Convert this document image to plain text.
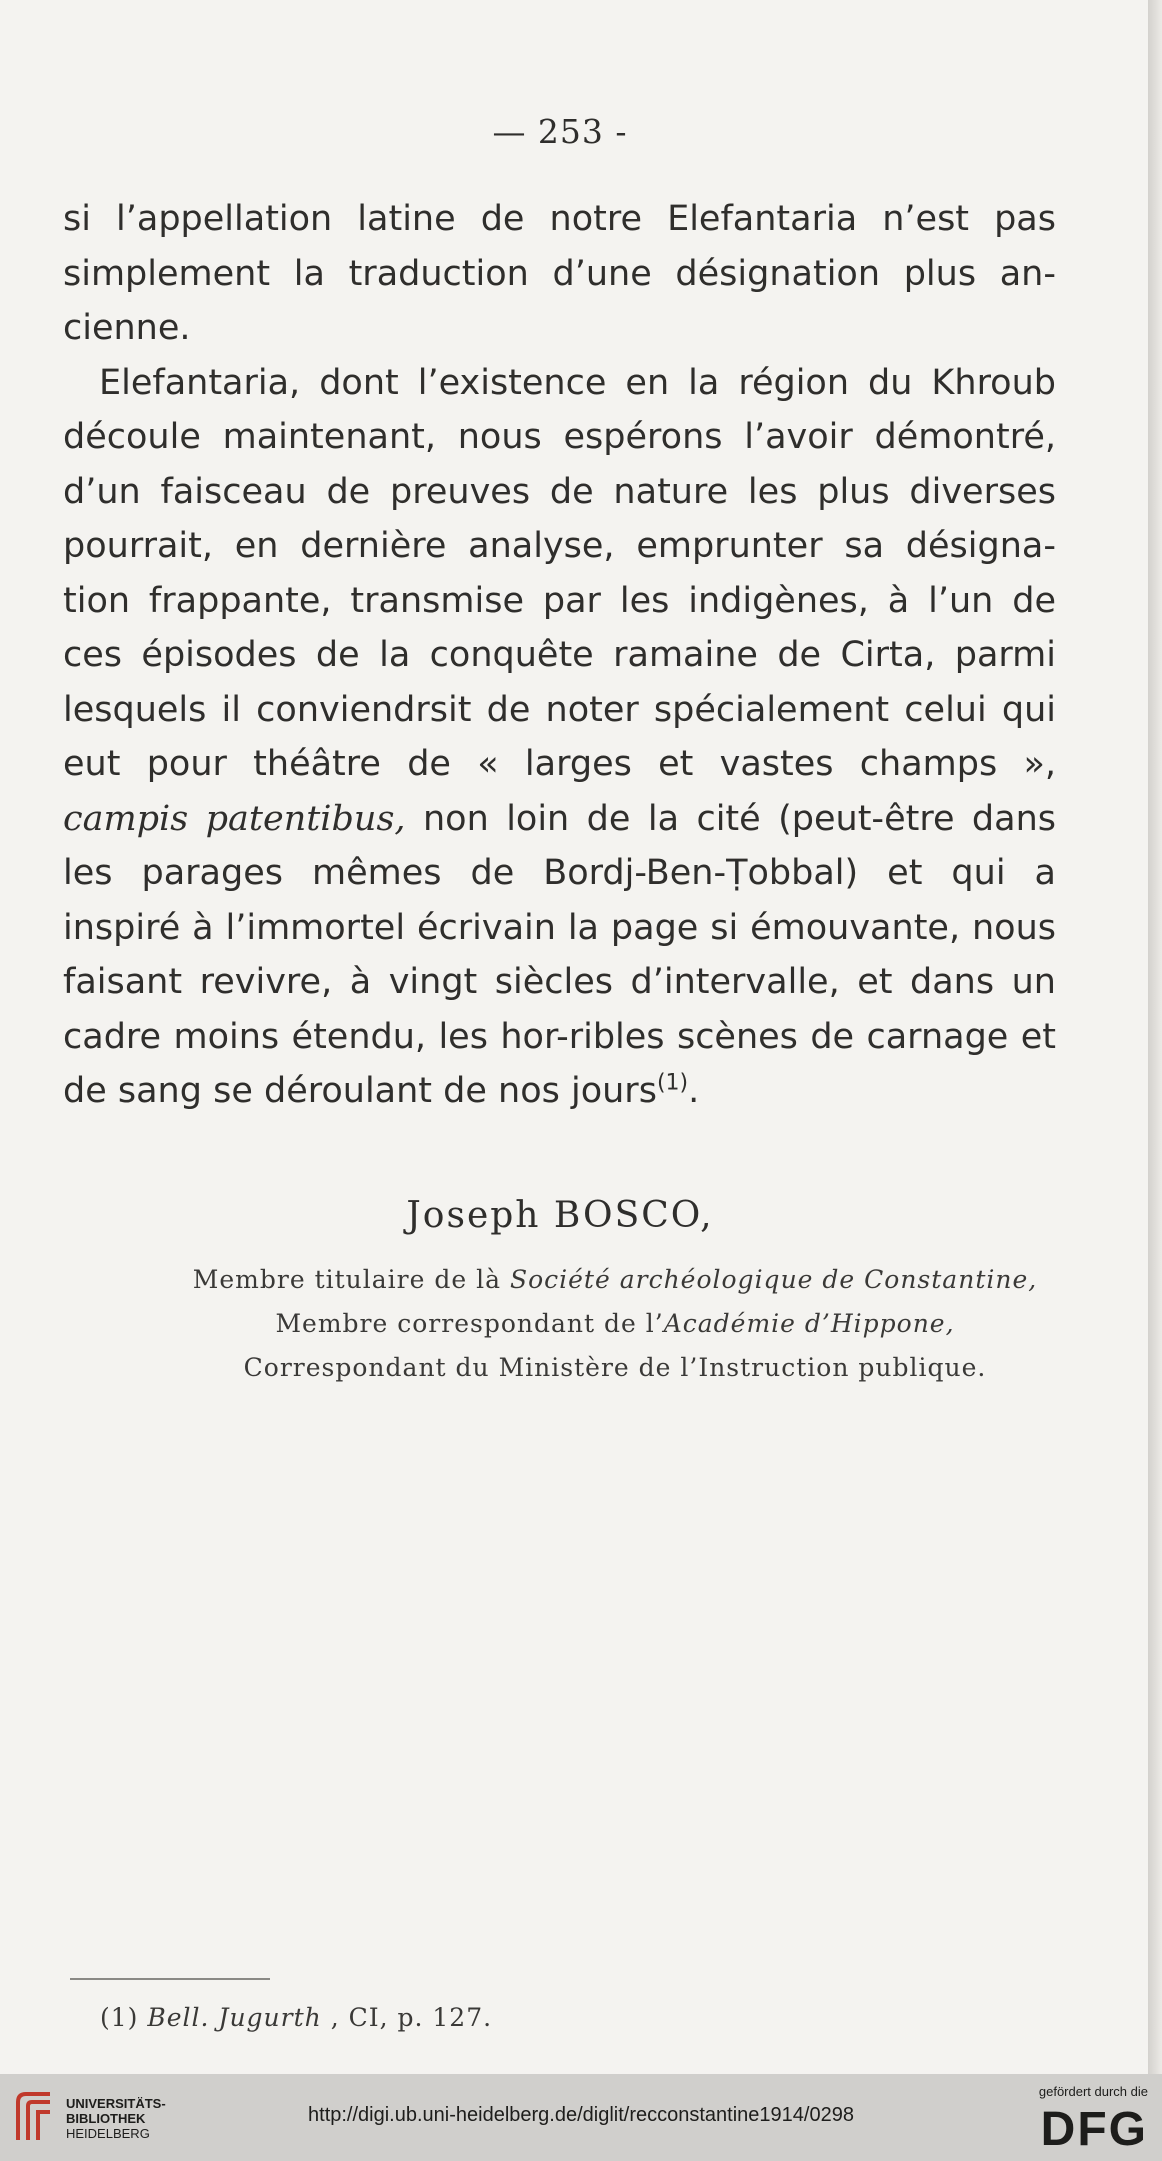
— 253 -

si l’appellation latine de notre Elefantaria n’est pas simplement la traduction d’une désignation plus an-cienne.

Elefantaria, dont l’existence en la région du Khroub découle maintenant, nous espérons l’avoir démontré, d’un faisceau de preuves de nature les plus diverses pourrait, en dernière analyse, emprunter sa désigna-tion frappante, transmise par les indigènes, à l’un de ces épisodes de la conquête ramaine de Cirta, parmi lesquels il conviendrsit de noter spécialement celui qui eut pour théâtre de « larges et vastes champs », campis patentibus, non loin de la cité (peut-être dans les parages mêmes de Bordj-Ben-Ṭobbal) et qui a inspiré à l’immortel écrivain la page si émouvante, nous faisant revivre, à vingt siècles d’intervalle, et dans un cadre moins étendu, les hor-ribles scènes de carnage et de sang se déroulant de nos jours$^{(1)}$.

Joseph BOSCO,
Membre titulaire de là Société archéologique de Constantine,
Membre correspondant de l’Académie d’Hippone,
Correspondant du Ministère de l’Instruction publique.
(1) Bell. Jugurth , CI, p. 127.
UNIVERSITÄTS-
BIBLIOTHEK
HEIDELBERG
http://digi.ub.uni-heidelberg.de/diglit/recconstantine1914/0298
gefördert durch die
DFG
